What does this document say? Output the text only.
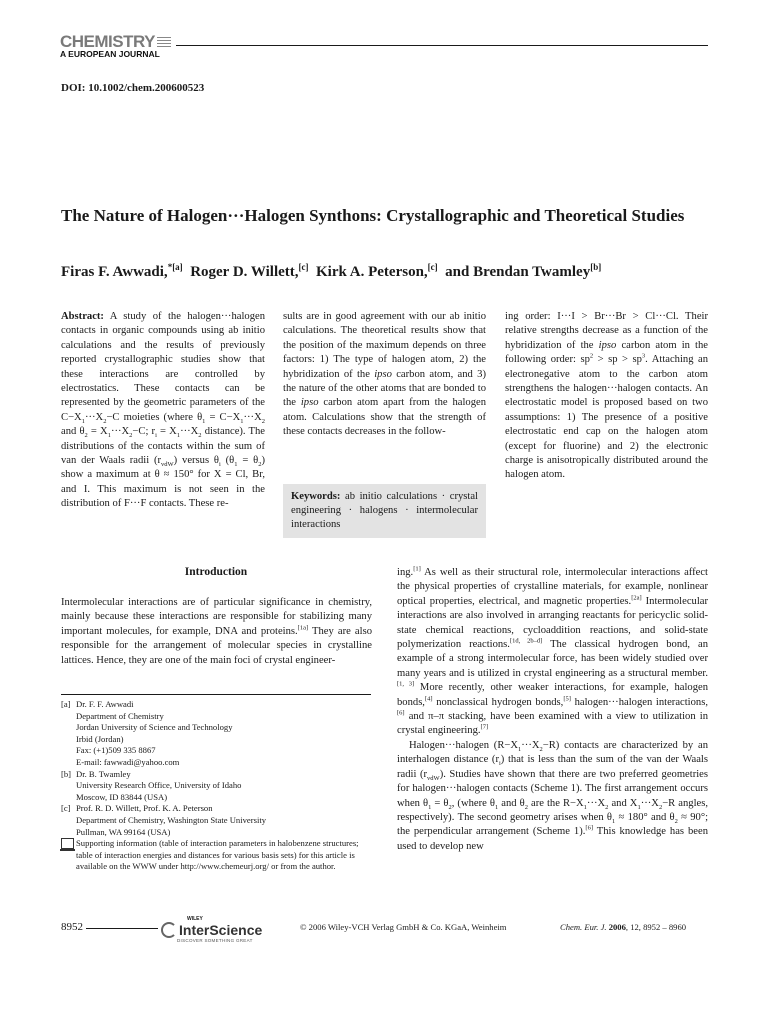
CHEMISTRY
A EUROPEAN JOURNAL
DOI: 10.1002/chem.200600523
The Nature of Halogen···Halogen Synthons: Crystallographic and Theoretical Studies
Firas F. Awwadi,$^{*[a]}$ Roger D. Willett,[c] Kirk A. Peterson,[c] and Brendan Twamley[b]

Abstract: A study of the halogen···halogen contacts in organic compounds using ab initio calculations and the results of previously reported crystallographic studies show that these interactions are controlled by electrostatics. These contacts can be represented by the geometric parameters of the $C-X_1\cdot\cdot\cdot X_2-C$ moieties (where $\theta_1 = C-X_1\cdot\cdot\cdot X_2$ and $\theta_2 = X_1\cdot\cdot\cdot X_2-C$; $r_i = X_1\cdot\cdot\cdot X_2$ distance). The distributions of the contacts within the sum of van der Waals radii $(r_{vdW})$ versus $\theta_i$ $(\theta_1 = \theta_2)$ show a maximum at θ ≈ 150° for X = Cl, Br, and I. This maximum is not seen in the distribution of F···F contacts. These re-

sults are in good agreement with our ab initio calculations. The theoretical results show that the position of the maximum depends on three factors: 1) The type of halogen atom, 2) the hybridization of the ipso carbon atom, and 3) the nature of the other atoms that are bonded to the ipso carbon atom apart from the halogen atom. Calculations show that the strength of these contacts decreases in the follow-

Keywords: ab initio calculations · crystal engineering · halogens · intermolecular interactions

ing order: I···I > Br···Br > Cl···Cl. Their relative strengths decrease as a function of the hybridization of the ipso carbon atom in the following order: $sp^2$ > sp > $sp^3$. Attaching an electronegative atom to the carbon atom strengthens the halogen···halogen contacts. An electrostatic model is proposed based on two assumptions: 1) The presence of a positive electrostatic end cap on the halogen atom (except for fluorine) and 2) the electronic charge is anisotropically distributed around the halogen atom.

Introduction

Intermolecular interactions are of particular significance in chemistry, mainly because these interactions are responsible for stabilizing many important molecules, for example, DNA and proteins.[1a] They are also responsible for the arrangement of molecular species in crystalline lattices. Hence, they are one of the main foci of crystal engineer-

ing.[1] As well as their structural role, intermolecular interactions affect the physical properties of crystalline materials, for example, nonlinear optical properties, electrical, and magnetic properties.[2a] Intermolecular interactions are also involved in arranging reactants for pericyclic solid-state chemical reactions, cycloaddition reactions, and solid-state polymerization reactions.[1d, 2b–d] The classical hydrogen bond, an example of a strong intermolecular force, has been widely studied over many years and is utilized in crystal engineering as a structural member.[1, 3] More recently, other weaker interactions, for example, halogen bonds,[4] nonclassical hydrogen bonds,[5] halogen···halogen interactions,[6] and π–π stacking, have been examined with a view to utilization in crystal engineering.[7]

Halogen···halogen $(R-X_1\cdot\cdot\cdot X_2-R)$ contacts are characterized by an interhalogen distance $(r_i)$ that is less than the sum of the van der Waals radii $(r_{vdW})$. Studies have shown that there are two preferred geometries for halogen···halogen contacts (Scheme 1). The first arrangement occurs when $\theta_1 = \theta_2$, (where $\theta_1$ and $\theta_2$ are the $R-X_1\cdot\cdot\cdot X_2$ and $X_1\cdot\cdot\cdot X_2-R$ angles, respectively). The second geometry arises when $\theta_1 \approx 180^\circ$ and $\theta_2 \approx 90^\circ$; the perpendicular arrangement (Scheme 1).[6] This knowledge has been used to develop new

[a] Dr. F. F. Awwadi
Department of Chemistry
Jordan University of Science and Technology
Irbid (Jordan)
Fax: (+1)509 335 8867
E-mail: fawwadi@yahoo.com
[b] Dr. B. Twamley
University Research Office, University of Idaho
Moscow, ID 83844 (USA)
[c] Prof. R. D. Willett, Prof. K. A. Peterson
Department of Chemistry, Washington State University
Pullman, WA 99164 (USA)
Supporting information (table of interaction parameters in halobenzene structures; table of interaction energies and distances for various basis sets) for this article is available on the WWW under http://www.chemeurj.org/ or from the author.
8952
WILEY
InterScience
DISCOVER SOMETHING GREAT
© 2006 Wiley-VCH Verlag GmbH & Co. KGaA, Weinheim	Chem. Eur. J. 2006, 12, 8952 – 8960
